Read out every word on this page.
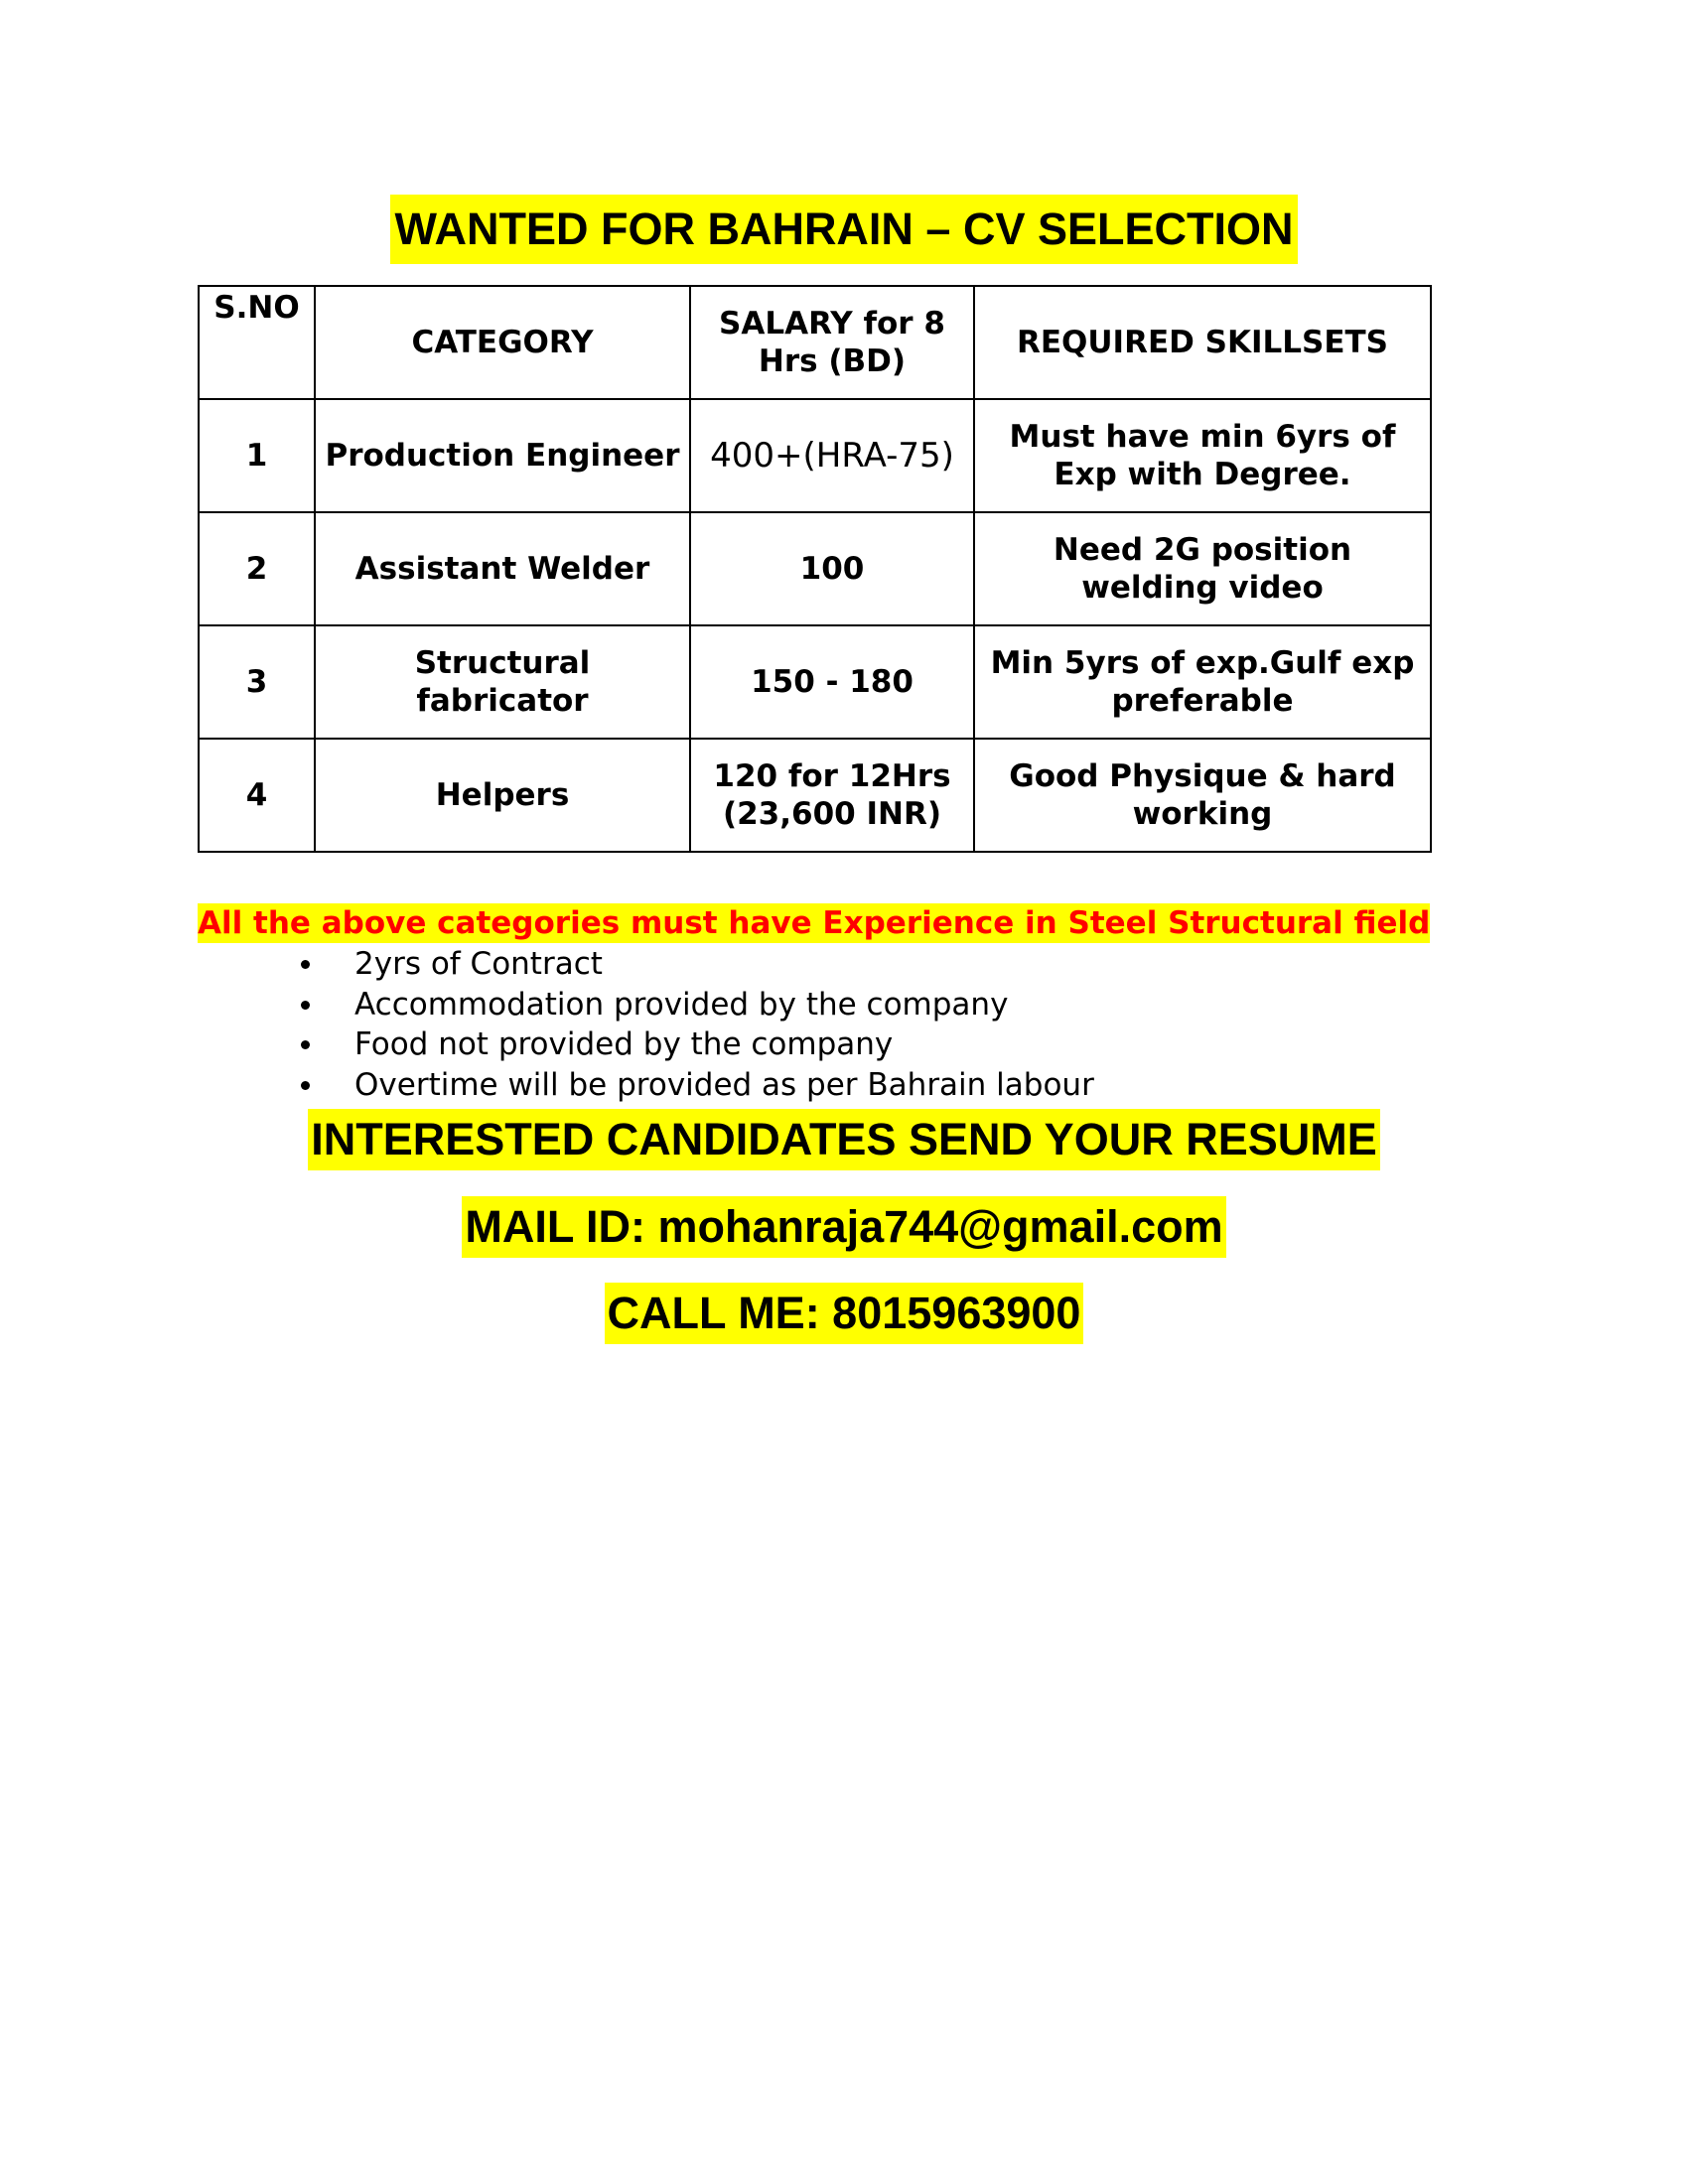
WANTED FOR BAHRAIN – CV SELECTION
S.NO	CATEGORY	SALARY for 8 Hrs (BD)	REQUIRED SKILLSETS
1	Production Engineer	400+(HRA-75)	Must have min 6yrs of Exp with Degree.
2	Assistant Welder	100	Need 2G position welding video
3	Structural fabricator	150 - 180	Min 5yrs of exp.Gulf exp preferable
4	Helpers	120 for 12Hrs (23,600 INR)	Good Physique & hard working
All the above categories must have Experience in Steel Structural field
2yrs of Contract
Accommodation provided by the company
Food not provided by the company
Overtime will be provided as per Bahrain labour
INTERESTED CANDIDATES SEND YOUR RESUME
MAIL ID: mohanraja744@gmail.com
CALL ME: 8015963900
